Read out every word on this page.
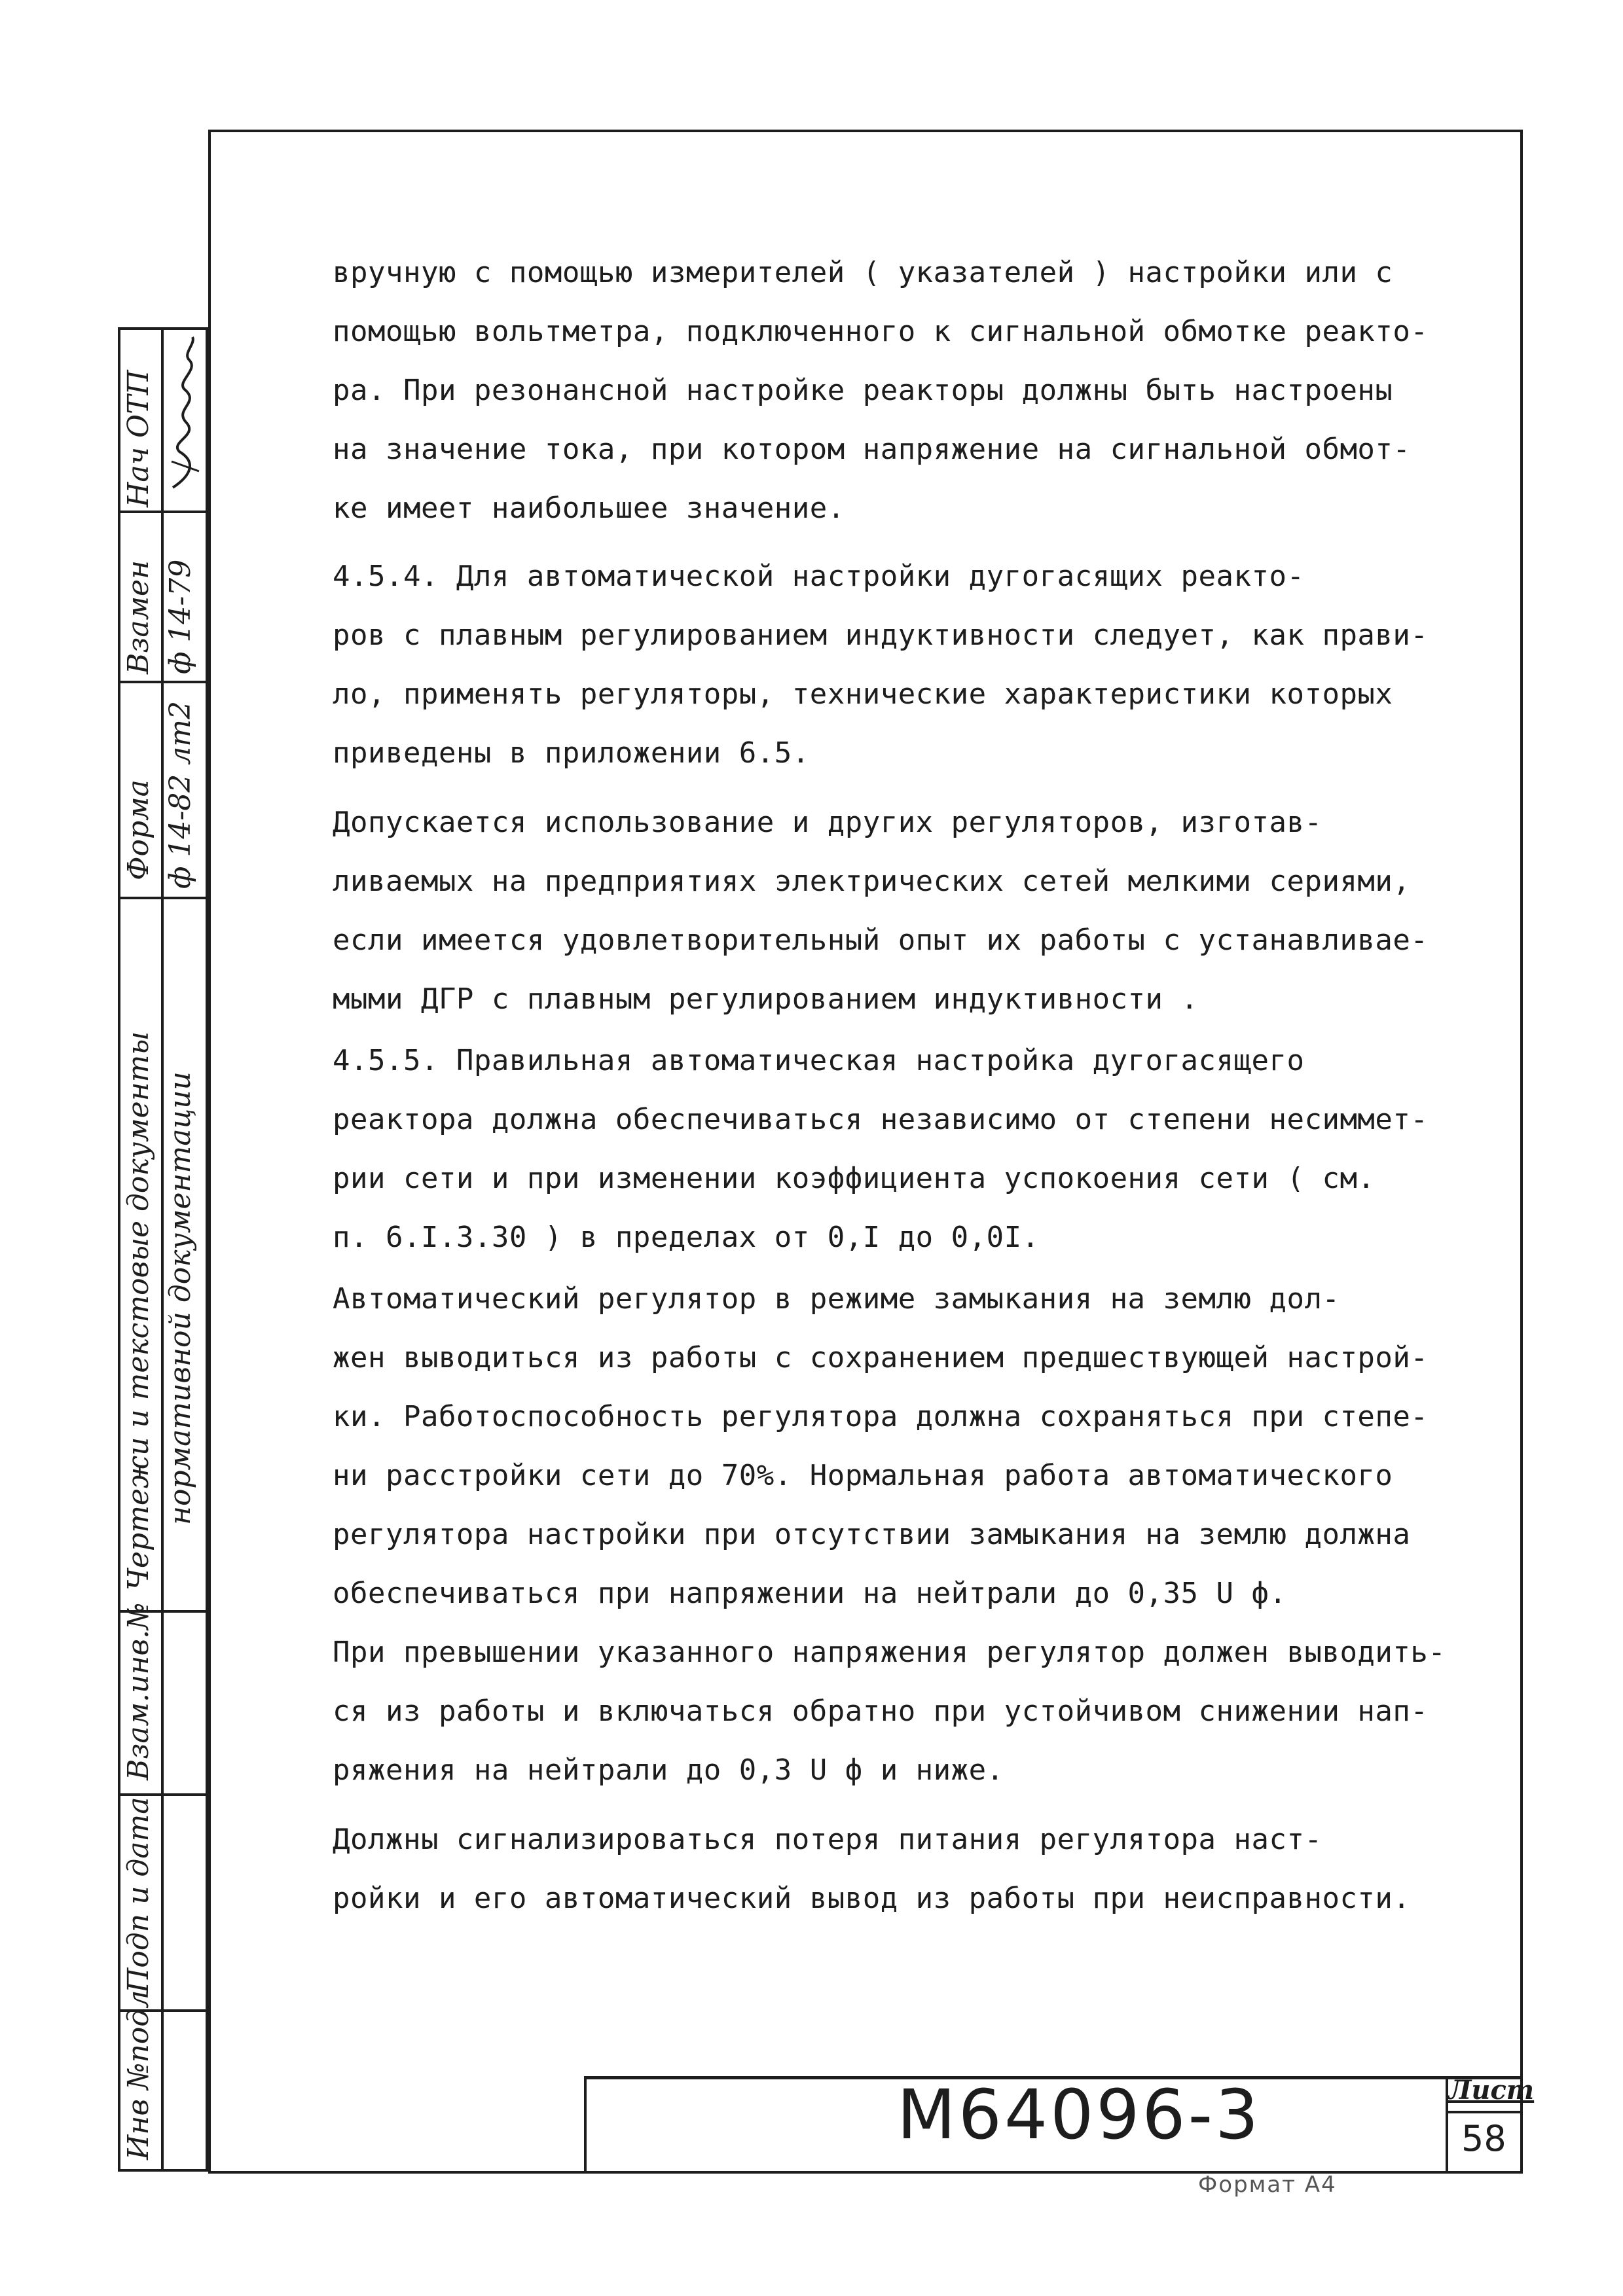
Нач ОТП
Взамен ф 14-79
Форма ф 14-82 лт2
Чертежи и текстовые документы нормативной документации
Взам.инв.№
Подп и дата
Инв №подл

вручную с помощью измерителей ( указателей ) настройки или с

помощью вольтметра, подключенного к сигнальной обмотке реакто-

ра. При резонансной настройке реакторы должны быть настроены

на значение тока, при котором напряжение на сигнальной обмот-

ке имеет наибольшее значение.

4.5.4. Для автоматической настройки дугогасящих реакто-

ров с плавным регулированием индуктивности следует, как прави-

ло, применять регуляторы, технические характеристики которых

приведены в приложении 6.5.

Допускается использование и других регуляторов, изготав-

ливаемых на предприятиях электрических сетей мелкими сериями,

если имеется удовлетворительный опыт их работы с устанавливае-

мыми ДГР с плавным регулированием индуктивности .

4.5.5. Правильная автоматическая настройка дугогасящего

реактора должна обеспечиваться независимо от степени несиммет-

рии сети и при изменении коэффициента успокоения сети ( см.

п. 6.I.3.30 ) в пределах от 0,I до 0,0I.

Автоматический регулятор в режиме замыкания на землю дол-

жен выводиться из работы с сохранением предшествующей настрой-

ки. Работоспособность регулятора должна сохраняться при степе-

ни расстройки сети до 70%. Нормальная работа автоматического

регулятора настройки при отсутствии замыкания на землю должна

обеспечиваться при напряжении на нейтрали до 0,35 U ф.

При превышении указанного напряжения регулятор должен выводить-

ся из работы и включаться обратно при устойчивом снижении нап-

ряжения на нейтрали до 0,3 U ф и ниже.

Должны сигнализироваться потеря питания регулятора наст-

ройки и его автоматический вывод из работы при неисправности.

М64096-3	Лист
58
Формат А4
